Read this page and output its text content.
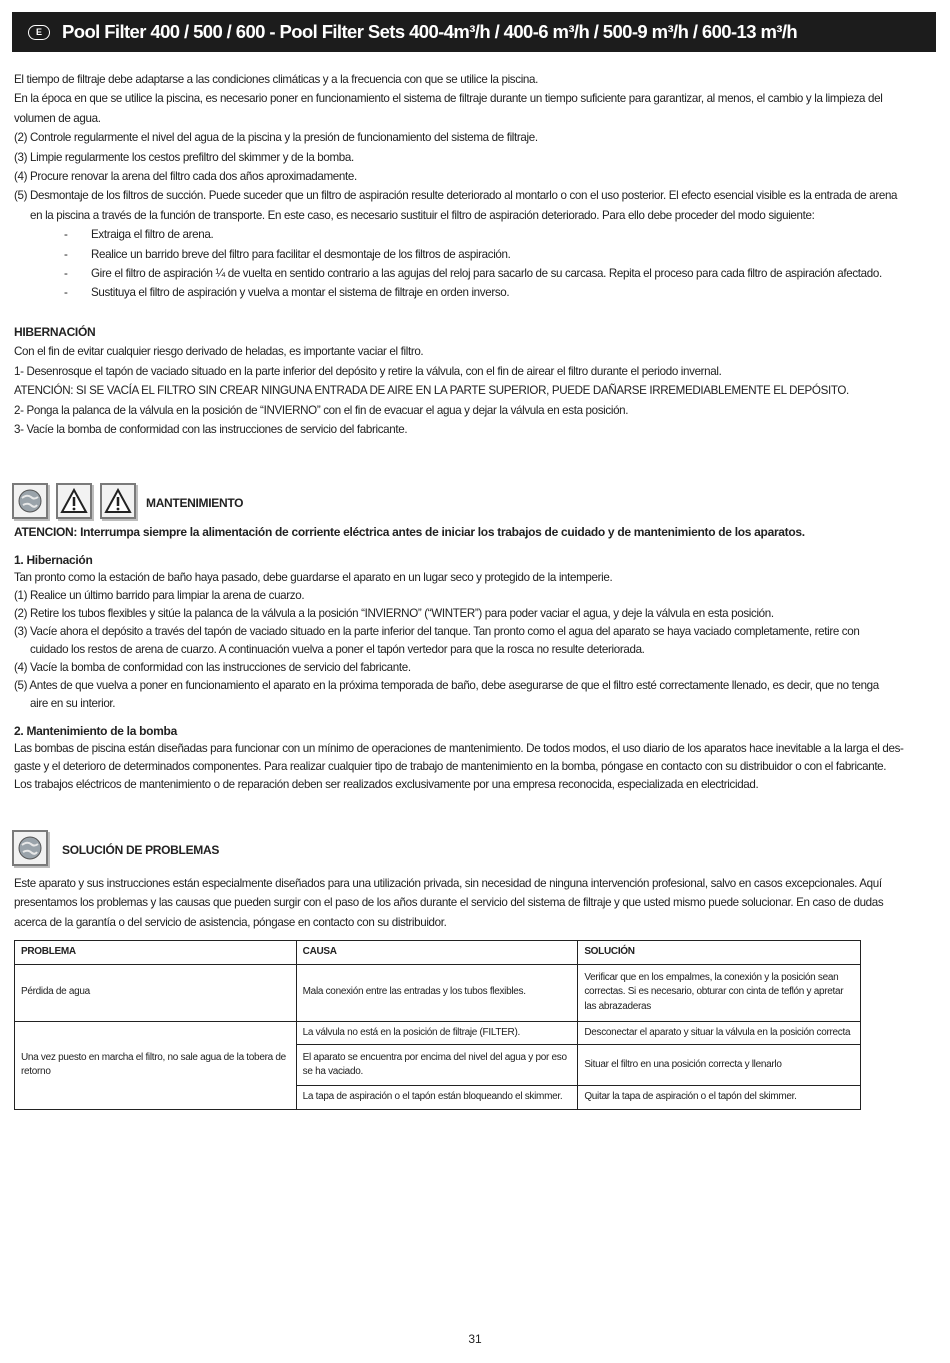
E	Pool Filter 400 / 500 / 600 - Pool Filter Sets 400-4m³/h / 400-6 m³/h / 500-9 m³/h / 600-13 m³/h
El tiempo de filtraje debe adaptarse a las condiciones climáticas y a la frecuencia con que se utilice la piscina.
En la época en que se utilice la piscina, es necesario poner en funcionamiento el sistema de filtraje durante un tiempo suficiente para garantizar, al menos, el cambio y la limpieza del
volumen de agua.
(2) Controle regularmente el nivel del agua de la piscina y la presión de funcionamiento del sistema de filtraje.
(3) Limpie regularmente los cestos prefiltro del skimmer y de la bomba.
(4) Procure renovar la arena del filtro cada dos años aproximadamente.
(5) Desmontaje de los filtros de succión. Puede suceder que un filtro de aspiración resulte deteriorado al montarlo o con el uso posterior. El efecto esencial visible es la entrada de arena
en la piscina a través de la función de transporte. En este caso, es necesario sustituir el filtro de aspiración deteriorado. Para ello debe proceder del modo siguiente:
- Extraiga el filtro de arena.
- Realice un barrido breve del filtro para facilitar el desmontaje de los filtros de aspiración.
- Gire el filtro de aspiración ¼ de vuelta en sentido contrario a las agujas del reloj para sacarlo de su carcasa. Repita el proceso para cada filtro de aspiración afectado.
- Sustituya el filtro de aspiración y vuelva a montar el sistema de filtraje en orden inverso.
HIBERNACIÓN
Con el fin de evitar cualquier riesgo derivado de heladas, es importante vaciar el filtro.
1- Desenrosque el tapón de vaciado situado en la parte inferior del depósito y retire la válvula, con el fin de airear el filtro durante el periodo invernal.
ATENCIÓN: SI SE VACÍA EL FILTRO SIN CREAR NINGUNA ENTRADA DE AIRE EN LA PARTE SUPERIOR, PUEDE DAÑARSE IRREMEDIABLEMENTE EL DEPÓSITO.
2- Ponga la palanca de la válvula en la posición de “INVIERNO” con el fin de evacuar el agua y dejar la válvula en esta posición.
3- Vacíe la bomba de conformidad con las instrucciones de servicio del fabricante.
MANTENIMIENTO
ATENCION: Interrumpa siempre la alimentación de corriente eléctrica antes de iniciar los trabajos de cuidado y de mantenimiento de los aparatos.
1. Hibernación
Tan pronto como la estación de baño haya pasado, debe guardarse el aparato en un lugar seco y protegido de la intemperie.
(1) Realice un último barrido para limpiar la arena de cuarzo.
(2) Retire los tubos flexibles y sitúe la palanca de la válvula a la posición “INVIERNO” (“WINTER”) para poder vaciar el agua, y deje la válvula en esta posición.
(3) Vacíe ahora el depósito a través del tapón de vaciado situado en la parte inferior del tanque. Tan pronto como el agua del aparato se haya vaciado completamente, retire con
cuidado los restos de arena de cuarzo. A continuación vuelva a poner el tapón vertedor para que la rosca no resulte deteriorada.
(4) Vacíe la bomba de conformidad con las instrucciones de servicio del fabricante.
(5) Antes de que vuelva a poner en funcionamiento el aparato en la próxima temporada de baño, debe asegurarse de que el filtro esté correctamente llenado, es decir, que no tenga
aire en su interior.
2. Mantenimiento de la bomba
Las bombas de piscina están diseñadas para funcionar con un mínimo de operaciones de mantenimiento. De todos modos, el uso diario de los aparatos hace inevitable a la larga el des-
gaste y el deterioro de determinados componentes. Para realizar cualquier tipo de trabajo de mantenimiento en la bomba, póngase en contacto con su distribuidor o con el fabricante.
Los trabajos eléctricos de mantenimiento o de reparación deben ser realizados exclusivamente por una empresa reconocida, especializada en electricidad.
SOLUCIÓN DE PROBLEMAS
Este aparato y sus instrucciones están especialmente diseñados para una utilización privada, sin necesidad de ninguna intervención profesional, salvo en casos excepcionales. Aquí
presentamos los problemas y las causas que pueden surgir con el paso de los años durante el servicio del sistema de filtraje y que usted mismo puede solucionar. En caso de dudas
acerca de la garantía o del servicio de asistencia, póngase en contacto con su distribuidor.
PROBLEMA	CAUSA	SOLUCIÓN
Pérdida de agua	Mala conexión entre las entradas y los tubos flexibles.	Verificar que en los empalmes, la conexión y la posición sean correctas. Si es necesario, obturar con cinta de teflón y apretar las abrazaderas
Una vez puesto en marcha el filtro, no sale agua de la tobera de retorno	La válvula no está en la posición de filtraje (FILTER).	Desconectar el aparato y situar la válvula en la posición correcta
	El aparato se encuentra por encima del nivel del agua y por eso se ha vaciado.	Situar el filtro en una posición correcta y llenarlo
	La tapa de aspiración o el tapón están bloqueando el skimmer.	Quitar la tapa de aspiración o el tapón del skimmer.
31
